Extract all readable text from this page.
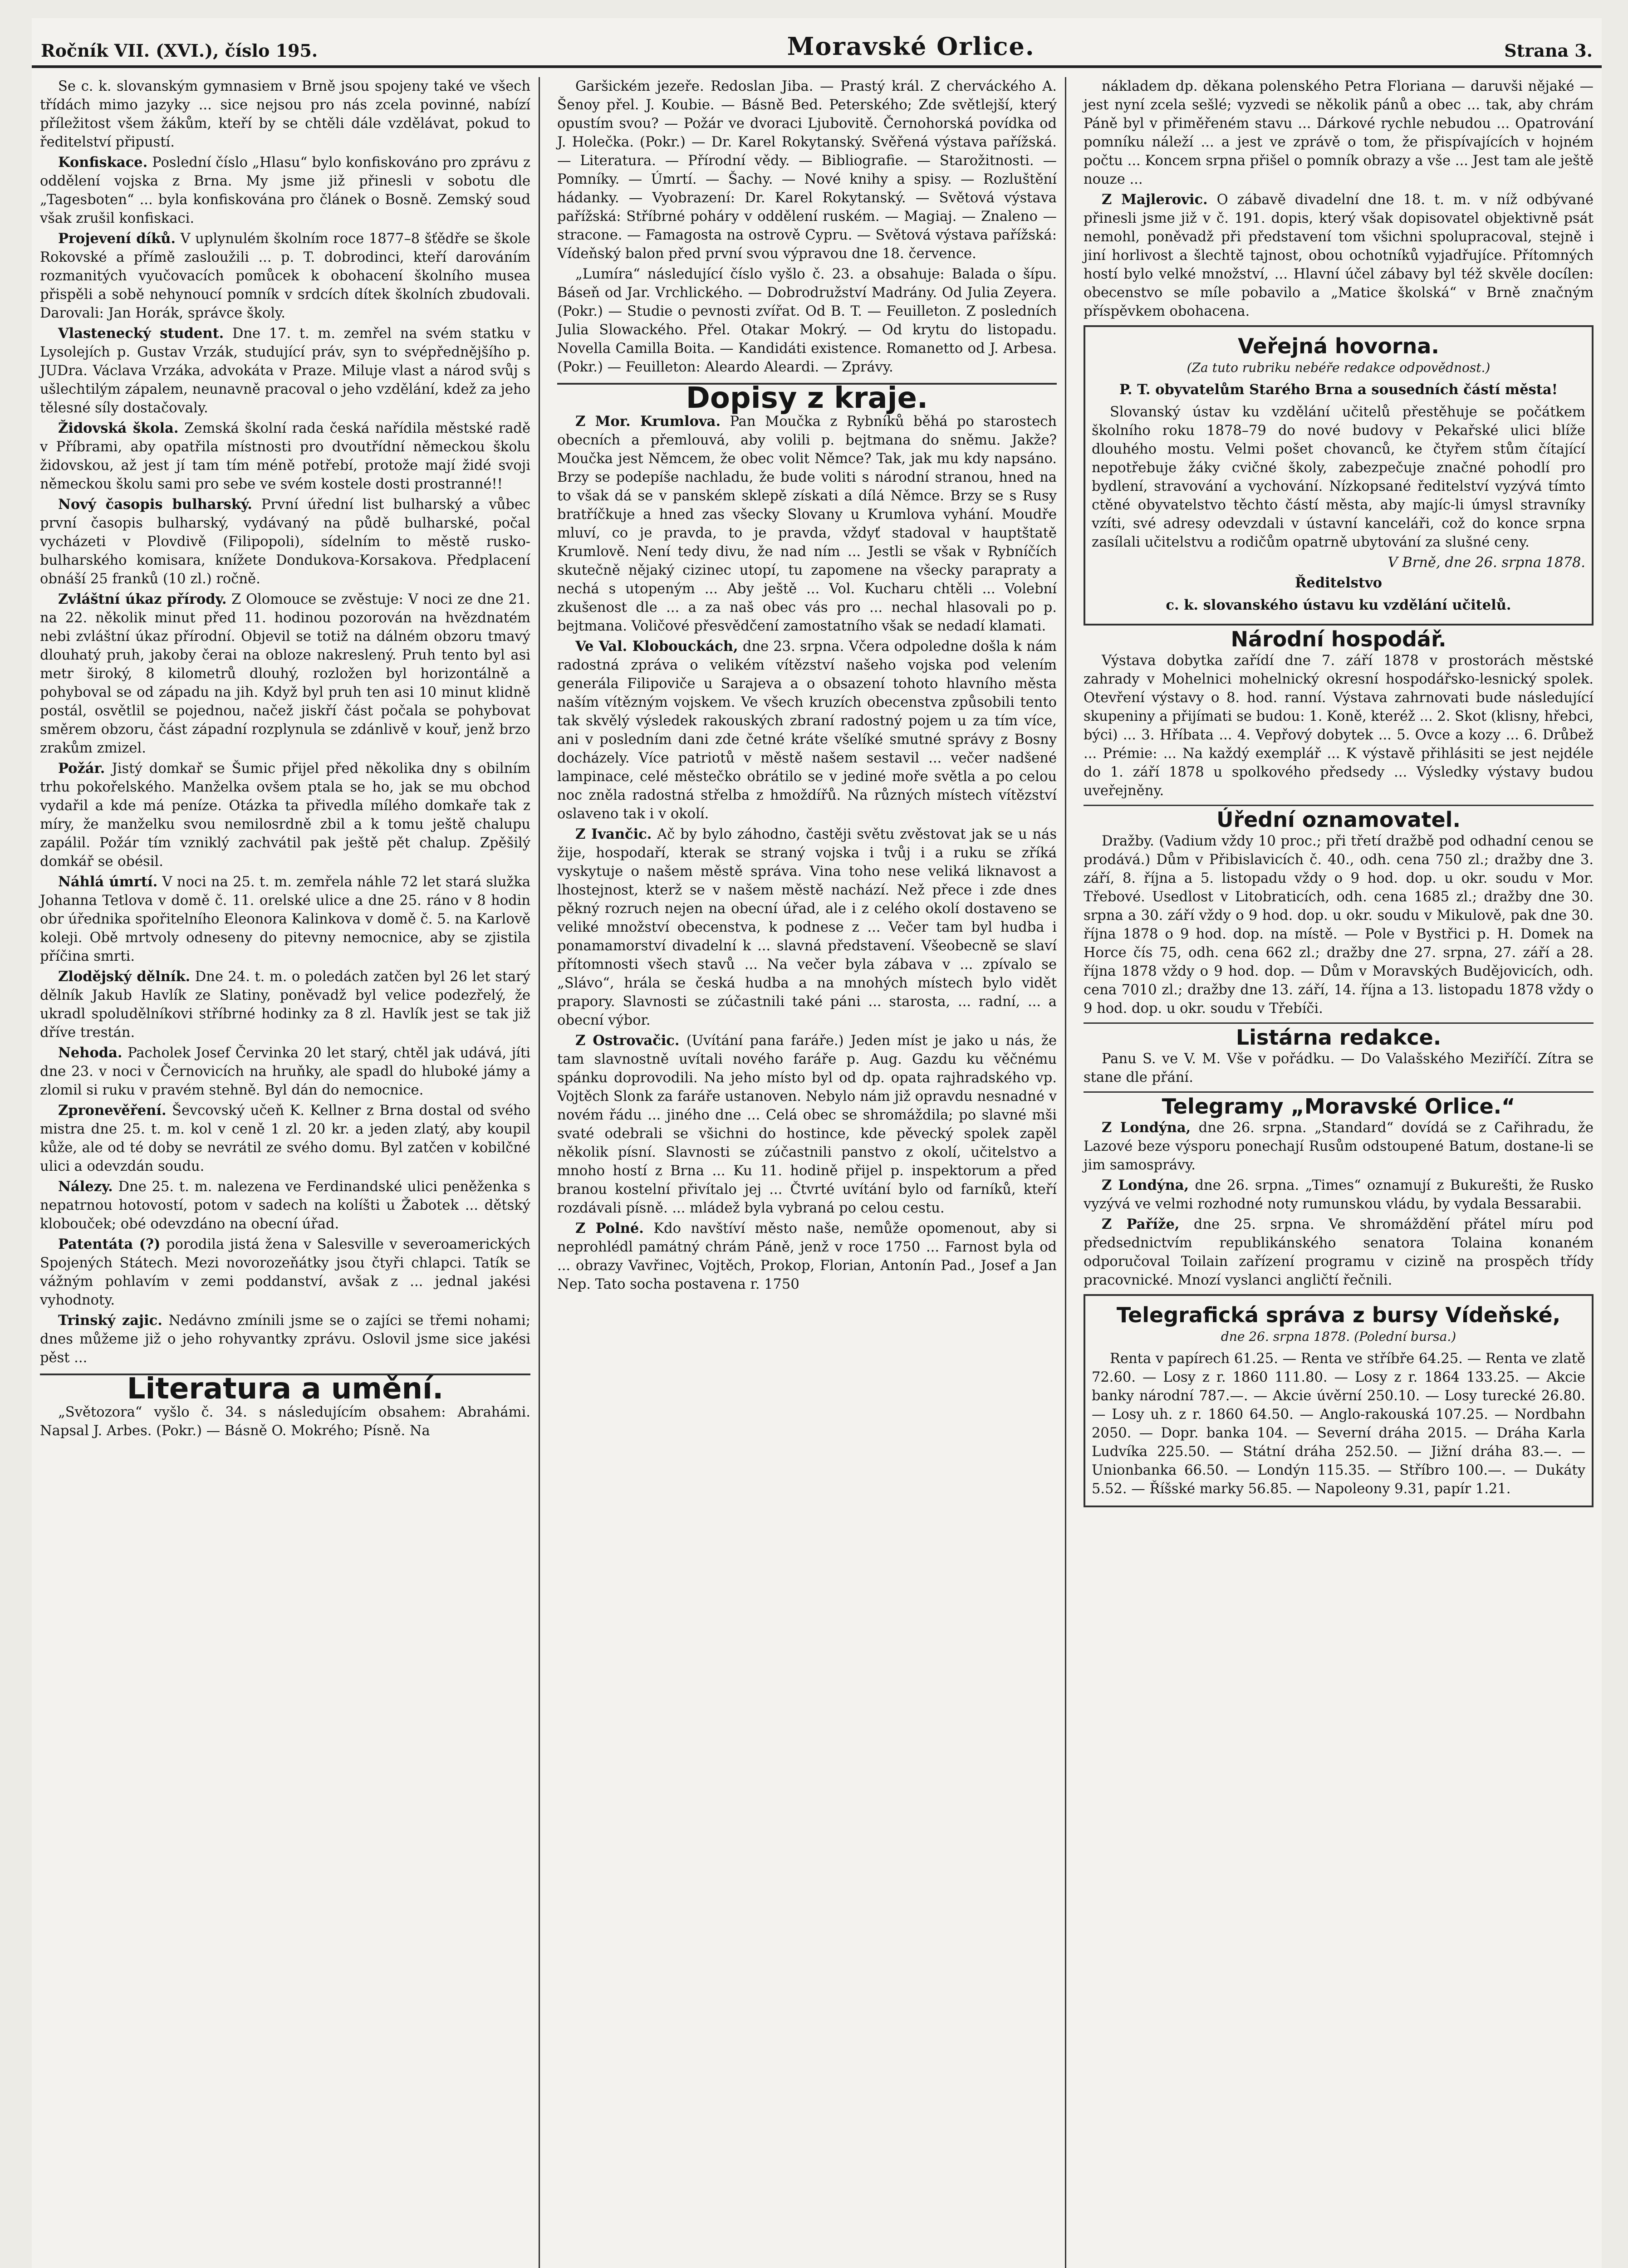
Ročník VII. (XVI.), číslo 195.	Moravské Orlice.	Strana 3.

Se c. k. slovanským gymnasiem v Brně jsou spojeny také ve všech třídách mimo jazyky ... sice nejsou pro nás zcela povinné, nabízí příležitost všem žákům, kteří by se chtěli dále vzdělávat, pokud to ředitelství připustí.

Konfiskace. Poslední číslo „Hlasu“ bylo konfiskováno pro zprávu z oddělení vojska z Brna. My jsme již přinesli v sobotu dle „Tagesboten“ ... byla konfiskována pro článek o Bosně. Zemský soud však zrušil konfiskaci.

Projevení díků. V uplynulém školním roce 1877–8 šťědře se škole Rokovské a přímě zasloužili ... p. T. dobrodinci, kteří darováním rozmanitých vyučovacích pomůcek k obohacení školního musea přispěli a sobě nehynoucí pomník v srdcích dítek školních zbudovali. Darovali: Jan Horák, správce školy.

Vlastenecký student. Dne 17. t. m. zemřel na svém statku v Lysolejích p. Gustav Vrzák, studující práv, syn to svépřednějšího p. JUDra. Václava Vrzáka, advokáta v Praze. Miluje vlast a národ svůj s ušlechtilým zápalem, neunavně pracoval o jeho vzdělání, kdež za jeho tělesné síly dostačovaly.

Židovská škola. Zemská školní rada česká nařídila městské radě v Příbrami, aby opatřila místnosti pro dvoutřídní německou školu židovskou, až jest jí tam tím méně potřebí, protože mají židé svoji německou školu sami pro sebe ve svém kostele dosti prostranné!!

Nový časopis bulharský. První úřední list bulharský a vůbec první časopis bulharský, vydávaný na půdě bulharské, počal vycházeti v Plovdivě (Filipopoli), sídelním to městě rusko-bulharského komisara, knížete Dondukova-Korsakova. Předplacení obnáší 25 franků (10 zl.) ročně.

Zvláštní úkaz přírody. Z Olomouce se zvěstuje: V noci ze dne 21. na 22. několik minut před 11. hodinou pozorován na hvězdnatém nebi zvláštní úkaz přírodní. Objevil se totiž na dálném obzoru tmavý dlouhatý pruh, jakoby čerai na obloze nakreslený. Pruh tento byl asi metr široký, 8 kilometrů dlouhý, rozložen byl horizontálně a pohyboval se od západu na jih. Když byl pruh ten asi 10 minut klidně postál, osvětlil se pojednou, načež jiskří část počala se pohybovat směrem obzoru, část západní rozplynula se zdánlivě v kouř, jenž brzo zrakům zmizel.

Požár. Jistý domkař se Šumic přijel před několika dny s obilním trhu pokořelského. Manželka ovšem ptala se ho, jak se mu obchod vydařil a kde má peníze. Otázka ta přivedla mílého domkaře tak z míry, že manželku svou nemilosrdně zbil a k tomu ještě chalupu zapálil. Požár tím vzniklý zachvátil pak ještě pět chalup. Zpěšilý domkář se obésil.

Náhlá úmrtí. V noci na 25. t. m. zemřela náhle 72 let stará služka Johanna Tetlova v domě č. 11. orelské ulice a dne 25. ráno v 8 hodin obr úřednika spořitelního Eleonora Kalinkova v domě č. 5. na Karlově koleji. Obě mrtvoly odneseny do pitevny nemocnice, aby se zjistila příčina smrti.

Zlodějský dělník. Dne 24. t. m. o poledách zatčen byl 26 let starý dělník Jakub Havlík ze Slatiny, poněvadž byl velice podezřelý, že ukradl spoludělníkovi stříbrné hodinky za 8 zl. Havlík jest se tak již dříve trestán.

Nehoda. Pacholek Josef Červinka 20 let starý, chtěl jak udává, jíti dne 23. v noci v Černovicích na hruňky, ale spadl do hluboké jámy a zlomil si ruku v pravém stehně. Byl dán do nemocnice.

Zpronevěření. Ševcovský učeň K. Kellner z Brna dostal od svého mistra dne 25. t. m. kol v ceně 1 zl. 20 kr. a jeden zlatý, aby koupil kůže, ale od té doby se nevrátil ze svého domu. Byl zatčen v kobilčné ulici a odevzdán soudu.

Nálezy. Dne 25. t. m. nalezena ve Ferdinandské ulici peněženka s nepatrnou hotovostí, potom v sadech na kolíšti u Žabotek ... dětský klobouček; obé odevzdáno na obecní úřad.

Patentáta (?) porodila jistá žena v Salesville v severoamerických Spojených Státech. Mezi novorozeňátky jsou čtyři chlapci. Tatík se vážným pohlavím v zemi poddanství, avšak z ... jednal jakési vyhodnoty.

Trinský zajic. Nedávno zmínili jsme se o zajíci se třemi nohami; dnes můžeme již o jeho rohyvantky zprávu. Oslovil jsme sice jakési pěst ...

Literatura a umění.

„Světozora“ vyšlo č. 34. s následujícím obsahem: Abrahámi. Napsal J. Arbes. (Pokr.) — Básně O. Mokrého; Písně. Na

Garšickém jezeře. Redoslan Jiba. — Prastý král. Z cherváckého A. Šenoy přel. J. Koubie. — Básně Bed. Peterského; Zde světlejší, který opustím svou? — Požár ve dvoraci Ljubovitě. Černohorská povídka od J. Holečka. (Pokr.) — Dr. Karel Rokytanský. Svěřená výstava pařížská. — Literatura. — Přírodní vědy. — Bibliografie. — Starožitnosti. — Pomníky. — Úmrtí. — Šachy. — Nové knihy a spisy. — Rozluštění hádanky. — Vyobrazení: Dr. Karel Rokytanský. — Světová výstava pařížská: Stříbrné poháry v oddělení ruském. — Magiaj. — Znaleno — stracone. — Famagosta na ostrově Cypru. — Světová výstava pařížská: Vídeňský balon před první svou výpravou dne 18. července.

„Lumíra“ následující číslo vyšlo č. 23. a obsahuje: Balada o šípu. Báseň od Jar. Vrchlického. — Dobrodružství Madrány. Od Julia Zeyera. (Pokr.) — Studie o pevnosti zvířat. Od B. T. — Feuilleton. Z posledních Julia Slowackého. Přel. Otakar Mokrý. — Od krytu do listopadu. Novella Camilla Boita. — Kandidáti existence. Romanetto od J. Arbesa. (Pokr.) — Feuilleton: Aleardo Aleardi. — Zprávy.

Dopisy z kraje.

Z Mor. Krumlova. Pan Moučka z Rybníků běhá po starostech obecních a přemlouvá, aby volili p. bejtmana do sněmu. Jakže? Moučka jest Němcem, že obec volit Němce? Tak, jak mu kdy napsáno. Brzy se podepíše nachladu, že bude voliti s národní stranou, hned na to však dá se v panském sklepě získati a dílá Němce. Brzy se s Rusy bratříčkuje a hned zas všecky Slovany u Krumlova vyhání. Moudře mluví, co je pravda, to je pravda, vždyť stadoval v hauptštatě Krumlově. Není tedy divu, že nad ním ... Jestli se však v Rybníčích skutečně nějaký cizinec utopí, tu zapomene na všecky parapraty a nechá s utopeným ... Aby ještě ... Vol. Kucharu chtěli ... Volební zkušenost dle ... a za naš obec vás pro ... nechal hlasovali po p. bejtmana. Voličové přesvědčení zamostatního však se nedadí klamati.

Ve Val. Klobouckách, dne 23. srpna. Včera odpoledne došla k nám radostná zpráva o velikém vítězství našeho vojska pod velením generála Filipoviče u Sarajeva a o obsazení tohoto hlavního města naším vítězným vojskem. Ve všech kruzích obecenstva způsobili tento tak skvělý výsledek rakouských zbraní radostný pojem u za tím více, ani v posledním dani zde četné kráte všelíké smutné správy z Bosny docházely. Více patriotů v městě našem sestavil ... večer nadšené lampinace, celé městečko obrátilo se v jediné moře světla a po celou noc zněla radostná střelba z hmoždířů. Na různých místech vítězství oslaveno tak i v okolí.

Z Ivančic. Ač by bylo záhodno, častěji světu zvěstovat jak se u nás žije, hospodaří, kterak se straný vojska i tvůj i a ruku se zříká vyskytuje o našem městě správa. Vina toho nese veliká liknavost a lhostejnost, kterž se v našem městě nachází. Než přece i zde dnes pěkný rozruch nejen na obecní úřad, ale i z celého okolí dostaveno se veliké množství obecenstva, k podnese z ... Večer tam byl hudba i ponamamorství divadelní k ... slavná představení. Všeobecně se slaví přítomnosti všech stavů ... Na večer byla zábava v ... zpívalo se „Slávo“, hrála se česká hudba a na mnohých místech bylo vidět prapory. Slavnosti se zúčastnili také páni ... starosta, ... radní, ... a obecní výbor.

Z Ostrovačic. (Uvítání pana faráře.) Jeden míst je jako u nás, že tam slavnostně uvítali nového faráře p. Aug. Gazdu ku věčnému spánku doprovodili. Na jeho místo byl od dp. opata rajhradského vp. Vojtěch Slonk za faráře ustanoven. Nebylo nám již opravdu nesnadné v novém řádu ... jiného dne ... Celá obec se shromáždila; po slavné mši svaté odebrali se všichni do hostince, kde pěvecký spolek zapěl několik písní. Slavnosti se zúčastnili panstvo z okolí, učitelstvo a mnoho hostí z Brna ... Ku 11. hodině přijel p. inspektorum a před branou kostelní přivítalo jej ... Čtvrté uvítání bylo od farníků, kteří rozdávali písně. ... mládež byla vybraná po celou cestu.

Z Polné. Kdo navštíví město naše, nemůže opomenout, aby si neprohlédl památný chrám Páně, jenž v roce 1750 ... Farnost byla od ... obrazy Vavřinec, Vojtěch, Prokop, Florian, Antonín Pad., Josef a Jan Nep. Tato socha postavena r. 1750

nákladem dp. děkana polenského Petra Floriana — daruvši nějaké — jest nyní zcela sešlé; vyzvedi se několik pánů a obec ... tak, aby chrám Páně byl v přiměřeném stavu ... Dárkové rychle nebudou ... Opatrování pomníku náleží ... a jest ve zprávě o tom, že přispívajících v hojném počtu ... Koncem srpna přišel o pomník obrazy a vše ... Jest tam ale ještě nouze ...

Z Majlerovic. O zábavě divadelní dne 18. t. m. v níž odbývané přinesli jsme již v č. 191. dopis, který však dopisovatel objektivně psát nemohl, poněvadž při představení tom všichni spolupracoval, stejně i jiní horlivost a šlechtě tajnost, obou ochotníků vyjadřujíce. Přítomných hostí bylo velké množství, ... Hlavní účel zábavy byl též skvěle docílen: obecenstvo se míle pobavilo a „Matice školská“ v Brně značným příspěvkem obohacena.

Veřejná hovorna.
(Za tuto rubriku nebéře redakce odpovědnost.)
P. T. obyvatelům Starého Brna a sousedních částí města!

Slovanský ústav ku vzdělání učitelů přestěhuje se počátkem školního roku 1878–79 do nové budovy v Pekařské ulici blíže dlouhého mostu. Velmi pošet chovanců, ke čtyřem stům čítající nepotřebuje žáky cvičné školy, zabezpečuje značné pohodlí pro bydlení, stravování a vychování. Nízkopsané ředitelství vyzývá tímto ctěné obyvatelstvo těchto částí města, aby majíc-li úmysl stravníky vzíti, své adresy odevzdali v ústavní kanceláři, což do konce srpna zasílali učitelstvu a rodičům opatrně ubytování za slušné ceny.

V Brně, dne 26. srpna 1878.
Ředitelstvo
c. k. slovanského ústavu ku vzdělání učitelů.
Národní hospodář.

Výstava dobytka zařídí dne 7. září 1878 v prostorách městské zahrady v Mohelnici mohelnický okresní hospodářsko-lesnický spolek. Otevření výstavy o 8. hod. ranní. Výstava zahrnovati bude následující skupeniny a přijímati se budou: 1. Koně, kteréž ... 2. Skot (klisny, hřebci, býci) ... 3. Hříbata ... 4. Vepřový dobytek ... 5. Ovce a kozy ... 6. Drůbež ... Prémie: ... Na každý exemplář ... K výstavě přihlásiti se jest nejdéle do 1. září 1878 u spolkového předsedy ... Výsledky výstavy budou uveřejněny.

Úřední oznamovatel.

Dražby. (Vadium vždy 10 proc.; při třetí dražbě pod odhadní cenou se prodává.) Dům v Přibislavicích č. 40., odh. cena 750 zl.; dražby dne 3. září, 8. října a 5. listopadu vždy o 9 hod. dop. u okr. soudu v Mor. Třebové. Usedlost v Litobraticích, odh. cena 1685 zl.; dražby dne 30. srpna a 30. září vždy o 9 hod. dop. u okr. soudu v Mikulově, pak dne 30. října 1878 o 9 hod. dop. na místě. — Pole v Bystřici p. H. Domek na Horce čís 75, odh. cena 662 zl.; dražby dne 27. srpna, 27. září a 28. října 1878 vždy o 9 hod. dop. — Dům v Moravských Budějovicích, odh. cena 7010 zl.; dražby dne 13. září, 14. října a 13. listopadu 1878 vždy o 9 hod. dop. u okr. soudu v Třebíči.

Listárna redakce.

Panu S. ve V. M. Vše v pořádku. — Do Valašského Meziříčí. Zítra se stane dle přání.

Telegramy „Moravské Orlice.“

Z Londýna, dne 26. srpna. „Standard“ dovídá se z Cařihradu, že Lazové beze výsporu ponechají Rusům odstoupené Batum, dostane-li se jim samosprávy.

Z Londýna, dne 26. srpna. „Times“ oznamují z Bukurešti, že Rusko vyzývá ve velmi rozhodné noty rumunskou vládu, by vydala Bessarabii.

Z Paříže, dne 25. srpna. Ve shromáždění přátel míru pod předsednictvím republikánského senatora Tolaina konaném odporučoval Toilain zařízení programu v cizině na prospěch třídy pracovnické. Mnozí vyslanci angličtí řečnili.

Telegrafická správa z bursy Vídeňské,
dne 26. srpna 1878. (Polední bursa.)

Renta v papírech 61.25. — Renta ve stříbře 64.25. — Renta ve zlatě 72.60. — Losy z r. 1860 111.80. — Losy z r. 1864 133.25. — Akcie banky národní 787.—. — Akcie úvěrní 250.10. — Losy turecké 26.80. — Losy uh. z r. 1860 64.50. — Anglo-rakouská 107.25. — Nordbahn 2050. — Dopr. banka 104. — Severní dráha 2015. — Dráha Karla Ludvíka 225.50. — Státní dráha 252.50. — Jižní dráha 83.—. — Unionbanka 66.50. — Londýn 115.35. — Stříbro 100.—. — Dukáty 5.52. — Říšské marky 56.85. — Napoleony 9.31, papír 1.21.
